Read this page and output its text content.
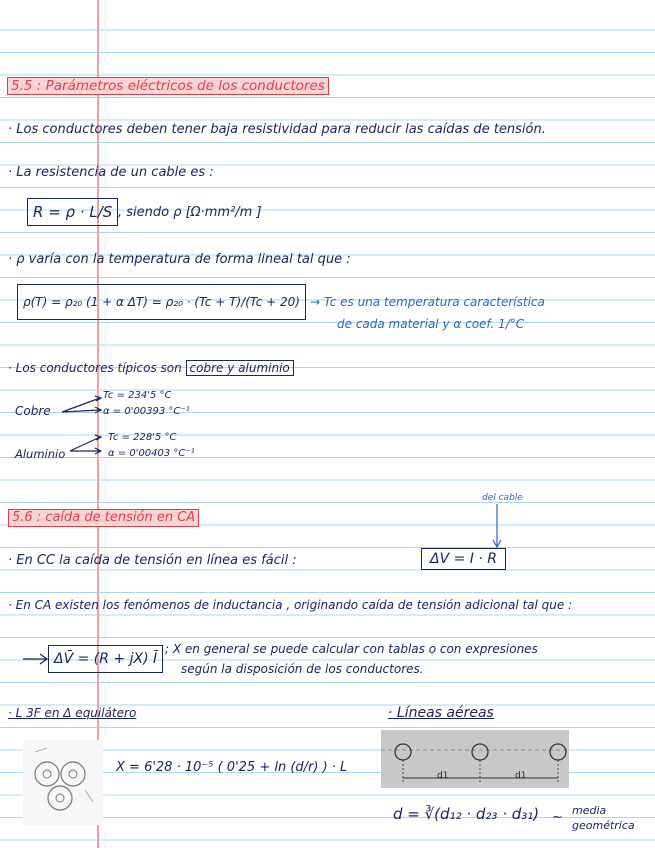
5.5 : Parámetros eléctricos de los conductores
· Los conductores deben tener baja resistividad para reducir las caídas de tensión.
· La resistencia de un cable es :
R = ρ · L/S , siendo ρ [Ω·mm²/m ]
· ρ varía con la temperatura de forma lineal tal que :
ρ(T) = ρ₂₀ (1 + α ΔT) = ρ₂₀ · (Tc + T)/(Tc + 20) → Tc es una temperatura característica
de cada material y α coef. 1/°C
· Los conductores típicos son cobre y aluminio
Cobre
Tc = 234'5 °C
α = 0'00393 °C⁻¹
Aluminio
Tc = 228'5 °C
α = 0'00403 °C⁻¹
5.6 : caída de tensión en CA
del cable
· En CC la caída de tensión en línea es fácil :	ΔV = I · R
· En CA existen los fenómenos de inductancia , originando caída de tensión adicional tal que :
ΔV̄ = (R + jX) Ī
; X en general se puede calcular con tablas o con expresiones
según la disposición de los conductores.
· L 3F en Δ equilátero	· Líneas aéreas
X = 6'28 · 10⁻⁵ ( 0'25 + ln (d/r) ) · L
d1	d1
d = ∛(d₁₂ · d₂₃ · d₃₁) ~ media
geométrica
